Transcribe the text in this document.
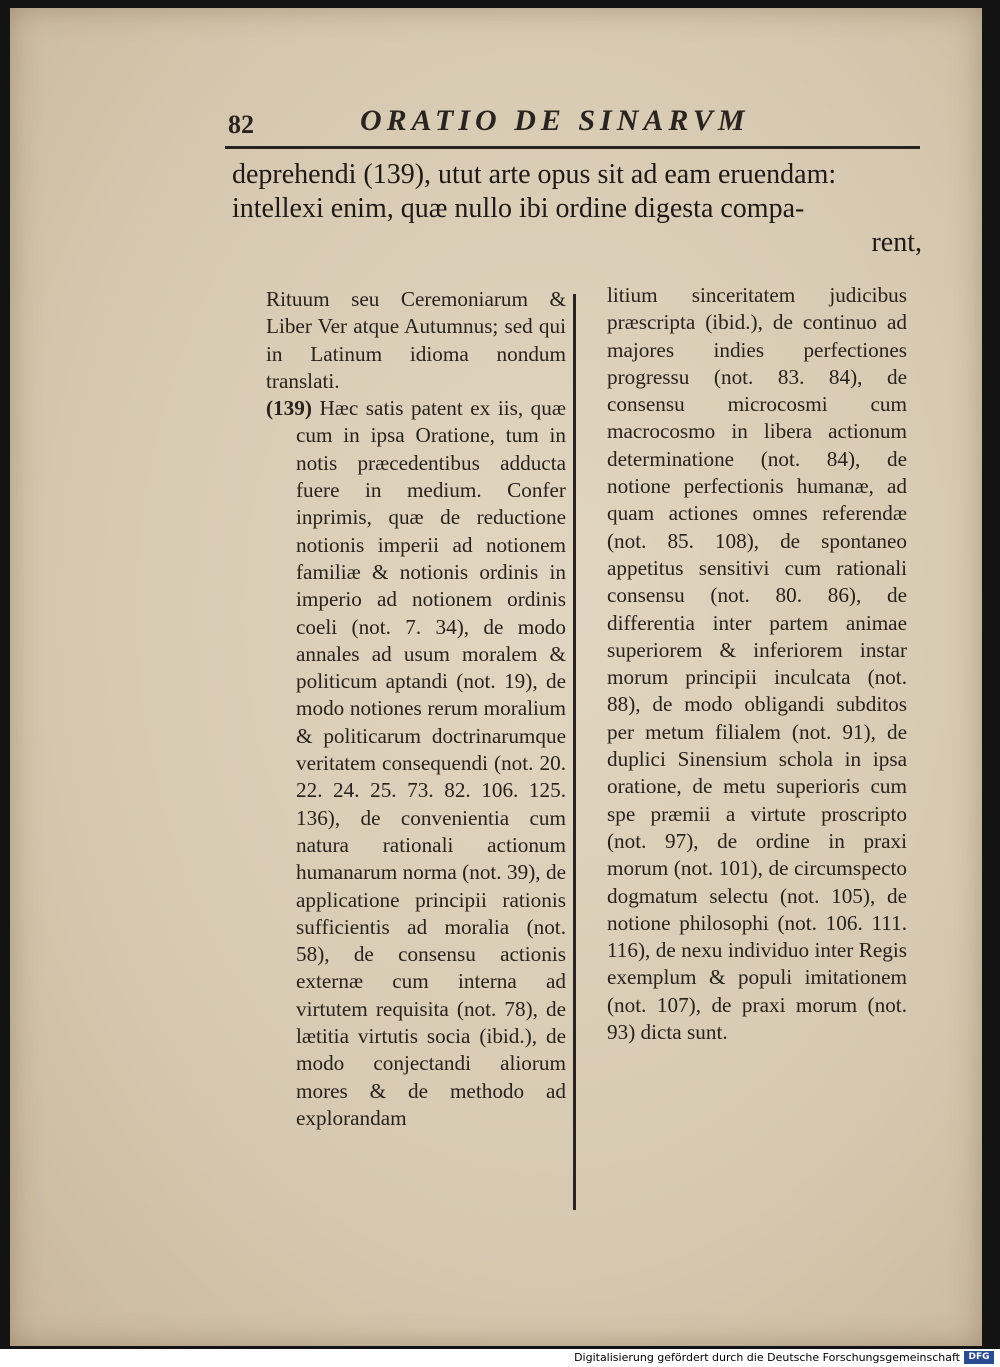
82	ORATIO DE SINARVM
deprehendi (139), utut arte opus sit ad eam eruendam:
intellexi enim, quæ nullo ibi ordine digesta compa-
rent,

Rituum seu Ceremoniarum & Liber Ver atque Autumnus; sed qui in Latinum idioma nondum translati.

(139) Hæc satis patent ex iis, quæ cum in ipsa Oratione, tum in notis præcedentibus adducta fuere in medium. Confer inprimis, quæ de reductione notionis imperii ad notionem familiæ & notionis ordinis in imperio ad notionem ordinis coeli (not. 7. 34), de modo annales ad usum moralem & politicum aptandi (not. 19), de modo notiones rerum moralium & politicarum doctrinarumque veritatem consequendi (not. 20. 22. 24. 25. 73. 82. 106. 125. 136), de convenientia cum natura rationali actionum humanarum norma (not. 39), de applicatione principii rationis sufficientis ad moralia (not. 58), de consensu actionis externæ cum interna ad virtutem requisita (not. 78), de lætitia virtutis socia (ibid.), de modo conjectandi aliorum mores & de methodo ad explorandam

litium sinceritatem judicibus præscripta (ibid.), de continuo ad majores indies perfectiones progressu (not. 83. 84), de consensu microcosmi cum macrocosmo in libera actionum determinatione (not. 84), de notione perfectionis humanæ, ad quam actiones omnes referendæ (not. 85. 108), de spontaneo appetitus sensitivi cum rationali consensu (not. 80. 86), de differentia inter partem animae superiorem & inferiorem instar morum principii inculcata (not. 88), de modo obligandi subditos per metum filialem (not. 91), de duplici Sinensium schola in ipsa oratione, de metu superioris cum spe præmii a virtute proscripto (not. 97), de ordine in praxi morum (not. 101), de circumspecto dogmatum selectu (not. 105), de notione philosophi (not. 106. 111. 116), de nexu individuo inter Regis exemplum & populi imitationem (not. 107), de praxi morum (not. 93) dicta sunt.

Digitalisierung gefördert durch die Deutsche Forschungsgemeinschaft DFG
